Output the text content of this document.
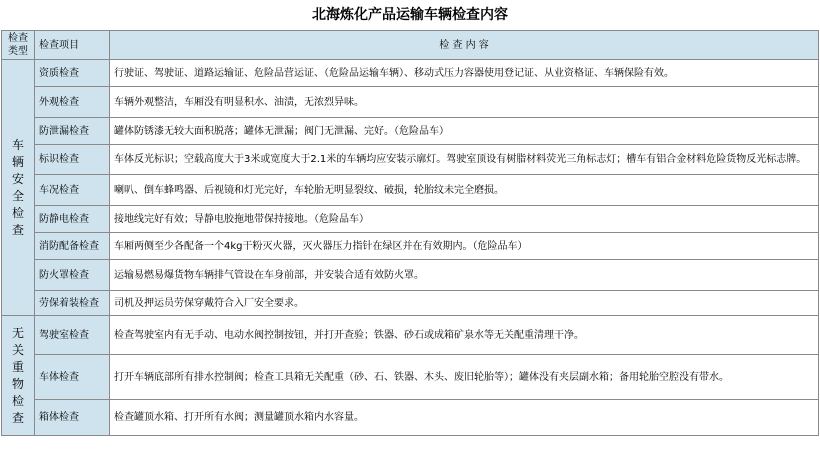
北海炼化产品运输车辆检查内容
检查类型	检查项目	检 查 内 容

车辆安全检查	资质检查	行驶证、驾驶证、道路运输证、危险品营运证、（危险品运输车辆）、移动式压力容器使用登记证、从业资格证、车辆保险有效。
	外观检查	车辆外观整洁，车厢没有明显积水、油渍，无浓烈异味。
	防泄漏检查	罐体防锈漆无较大面积脱落；罐体无泄漏；阀门无泄漏、完好。（危险品车）
	标识检查	车体反光标识；空载高度大于3米或宽度大于2.1米的车辆均应安装示廓灯。驾驶室顶设有树脂材料荧光三角标志灯；槽车有铝合金材料危险货物反光标志牌。
	车况检查	喇叭、倒车蜂鸣器、后视镜和灯光完好，车轮胎无明显裂纹、破损，轮胎纹未完全磨损。
	防静电检查	接地线完好有效；导静电胶拖地带保持接地。（危险品车）
	消防配备检查	车厢两侧至少各配备一个4kg干粉灭火器，灭火器压力指针在绿区并在有效期内。（危险品车）
	防火罩检查	运输易燃易爆货物车辆排气管设在车身前部，并安装合适有效防火罩。
	劳保着装检查	司机及押运员劳保穿戴符合入厂安全要求。

无关重物检查	驾驶室检查	检查驾驶室内有无手动、电动水阀控制按钮，并打开查验；铁器、砂石或成箱矿泉水等无关配重清理干净。
	车体检查	打开车辆底部所有排水控制阀；检查工具箱无关配重（砂、石、铁器、木头、废旧轮胎等）；罐体没有夹层副水箱；备用轮胎空腔没有带水。
	箱体检查	检查罐顶水箱、打开所有水阀；测量罐顶水箱内水容量。
